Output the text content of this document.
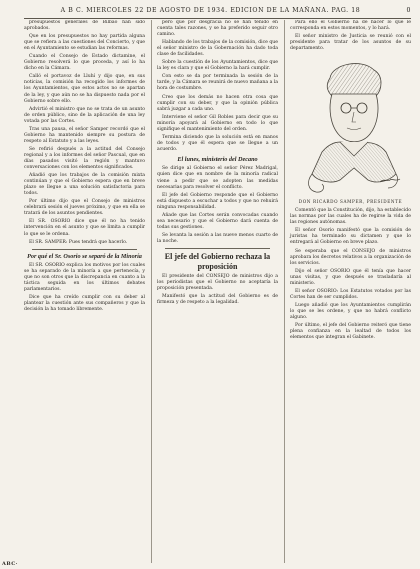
A B C. MIERCOLES 22 DE AGOSTO DE 1934. EDICION DE LA MAÑANA. PAG. 18	0

presupuestos generales de Bilbao han sido aprobados.

Que en los presupuestos no hay partida alguna que se refiera a las cuestiones del Concierto, y que en el Ayuntamiento se estudian las reformas.

Cuando el Consejo de Estado dictamine, el Gobierno resolverá lo que proceda, y así lo ha dicho en la Cámara.

Calló el portavoz de Lluhí y dijo que, en sus noticias, la comisión ha recogido los informes de los Ayuntamientos, que estos actos no se apartan de la ley, y que aún no se ha dispuesto nada por el Gobierno sobre ello.

Advirtió el ministro que no se trata de un asunto de orden público, sino de la aplicación de una ley votada por las Cortes.

Tras una pausa, el señor Samper recordó que el Gobierno ha mantenido siempre su postura de respeto al Estatuto y a las leyes.

Se refirió después a la actitud del Consejo regional y a los informes del señor Pascual, que en días pasados visitó la región y mantuvo conversaciones con los elementos significados.

Añadió que los trabajos de la comisión mixta continúan y que el Gobierno espera que en breve plazo se llegue a una solución satisfactoria para todos.

Por último dijo que el Consejo de ministros celebrará sesión el jueves próximo, y que en ella se tratará de los asuntos pendientes.

El SR. OSORIO dice que él no ha tenido intervención en el asunto y que se limita a cumplir lo que se le ordena.

El SR. SAMPER: Pues tendrá que hacerlo.

Por qué el Sr. Osorio se separó de la Minoría

El SR. OSORIO explica los motivos por los cuales se ha separado de la minoría a que pertenecía, y que no son otros que la discrepancia en cuanto a la táctica seguida en los últimos debates parlamentarios.

Dice que ha creído cumplir con su deber al plantear la cuestión ante sus compañeros y que la decisión la ha tomado libremente.

pero que por desgracia no se han tenido en cuenta tales razones, y se ha preferido seguir otro camino.

Hablando de los trabajos de la comisión, dice que el señor ministro de la Gobernación ha dado toda clase de facilidades.

Sobre la cuestión de los Ayuntamientos, dice que la ley es clara y que el Gobierno la hará cumplir.

Con esto se da por terminada la sesión de la tarde, y la Cámara se reunirá de nuevo mañana a la hora de costumbre.

Creo que los demás no hacen otra cosa que cumplir con su deber, y que la opinión pública sabrá juzgar a cada uno.

Interviene el señor Gil Robles para decir que su minoría apoyará al Gobierno en todo lo que signifique el mantenimiento del orden.

Termina diciendo que la solución está en manos de todos y que él espera que se llegue a un acuerdo.

El lunes, ministerio del Decano

Se dirige al Gobierno el señor Pérez Madrigal, quien dice que en nombre de la minoría radical viene a pedir que se adopten las medidas necesarias para resolver el conflicto.

El jefe del Gobierno responde que el Gobierno está dispuesto a escuchar a todos y que no rehuirá ninguna responsabilidad.

Añade que las Cortes serán convocadas cuando sea necesario y que el Gobierno dará cuenta de todas sus gestiones.

Se levanta la sesión a las nueve menos cuarto de la noche.

El jefe del Gobierno rechaza la proposición

El presidente del CONSEJO de ministros dijo a los periodistas que el Gobierno no aceptaría la proposición presentada.

Manifestó que la actitud del Gobierno es de firmeza y de respeto a la legalidad.

Para ello el Gobierno ha de hacer lo que le corresponda en estos momentos, y lo hará.

El señor ministro de Justicia se reunió con el presidente para tratar de los asuntos de su departamento.

DON RICARDO SAMPER, PRESIDENTE

Comentó que la Constitución, dijo, ha establecido las normas por las cuales ha de regirse la vida de las regiones autónomas.

El señor Osorio manifestó que la comisión de juristas ha terminado su dictamen y que lo entregará al Gobierno en breve plazo.

Se esperaba que el CONSEJO de ministros aprobara los decretos relativos a la organización de los servicios.

Dijo el señor OSORIO que él tenía que hacer unas visitas, y que después se trasladaría al ministerio.

El señor OSORIO: Los Estatutos votados por las Cortes han de ser cumplidos.

Luego añadió que los Ayuntamientos cumplirán lo que se les ordene, y que no habrá conflicto alguno.

Por último, el jefe del Gobierno reiteró que tiene plena confianza en la lealtad de todos los elementos que integran el Gabinete.

ABC·
